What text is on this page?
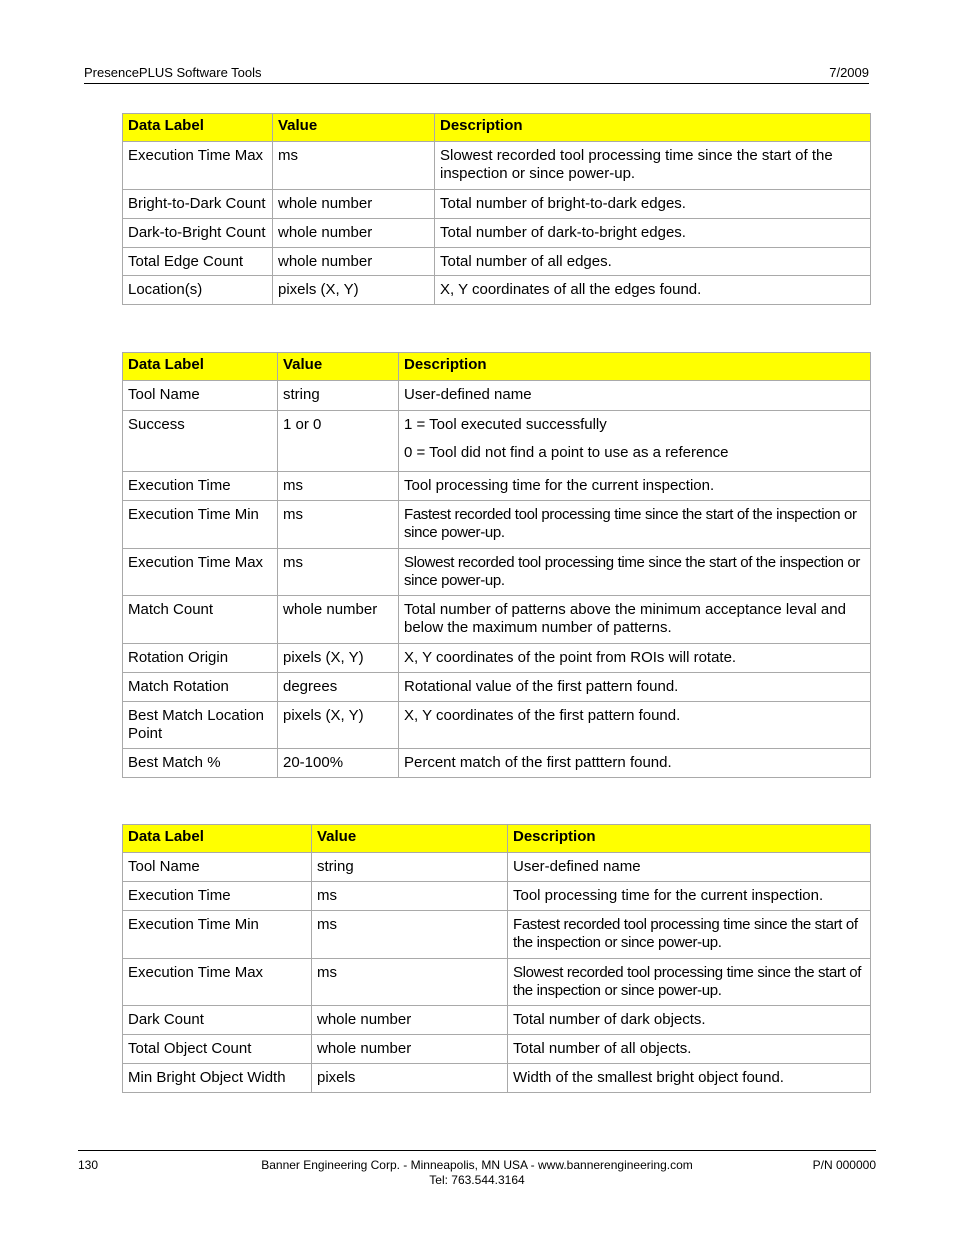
PresencePLUS Software Tools	7/2009
Data Label	Value	Description
Execution Time Max	ms	Slowest recorded tool processing time since the start of the inspection or since power-up.
Bright-to-Dark Count	whole number	Total number of bright-to-dark edges.
Dark-to-Bright Count	whole number	Total number of dark-to-bright edges.
Total Edge Count	whole number	Total number of all edges.
Location(s)	pixels (X, Y)	X, Y coordinates of all the edges found.
Data Label	Value	Description
Tool Name	string	User-defined name
Success	1 or 0	1 = Tool executed successfully

0 = Tool did not find a point to use as a reference

Execution Time	ms	Tool processing time for the current inspection.
Execution Time Min	ms	Fastest recorded tool processing time since the start of the inspection or since power-up.
Execution Time Max	ms	Slowest recorded tool processing time since the start of the inspection or since power-up.
Match Count	whole number	Total number of patterns above the minimum acceptance leval and below the maximum number of patterns.
Rotation Origin	pixels (X, Y)	X, Y coordinates of the point from ROIs will rotate.
Match Rotation	degrees	Rotational value of the first pattern found.
Best Match Location Point	pixels (X, Y)	X, Y coordinates of the first pattern found.
Best Match %	20-100%	Percent match of the first patttern found.
Data Label	Value	Description
Tool Name	string	User-defined name
Execution Time	ms	Tool processing time for the current inspection.
Execution Time Min	ms	Fastest recorded tool processing time since the start of the inspection or since power-up.
Execution Time Max	ms	Slowest recorded tool processing time since the start of the inspection or since power-up.
Dark Count	whole number	Total number of dark objects.
Total Object Count	whole number	Total number of all objects.
Min Bright Object Width	pixels	Width of the smallest bright object found.
130	Banner Engineering Corp. - Minneapolis, MN USA - www.bannerengineering.com
Tel: 763.544.3164
P/N 000000
